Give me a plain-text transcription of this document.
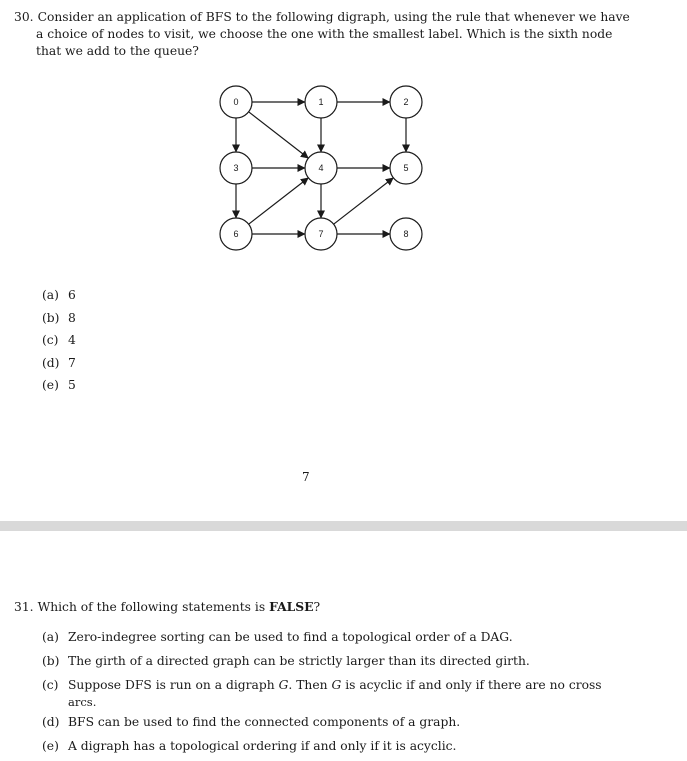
30. Consider an application of BFS to the following digraph, using the rule that whenever we have
a choice of nodes to visit, we choose the one with the smallest label. Which is the sixth node
that we add to the queue?
0	1	2
3	4	5
6	7	8
(a) 6
(b) 8
(c) 4
(d) 7
(e) 5
7
31. Which of the following statements is FALSE?
(a) Zero-indegree sorting can be used to find a topological order of a DAG.
(b) The girth of a directed graph can be strictly larger than its directed girth.
(c) Suppose DFS is run on a digraph G. Then G is acyclic if and only if there are no cross
arcs.
(d) BFS can be used to find the connected components of a graph.
(e) A digraph has a topological ordering if and only if it is acyclic.
